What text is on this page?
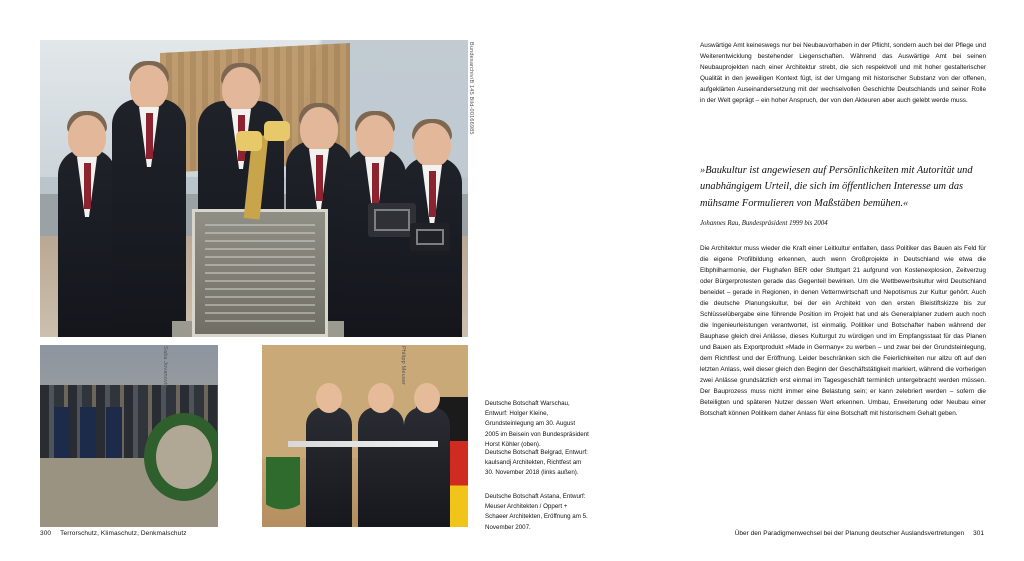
Bundesarchiv/B 145 Bild-00166985
Saša Jovanović	Philipp Meuser
Deutsche Botschaft Warschau, Entwurf: Holger Kleine, Grundsteinlegung am 30. August 2005 im Beisein von Bundespräsident Horst Köhler (oben).
Deutsche Botschaft Belgrad, Entwurf: kaulsandj Architekten, Richtfest am 30. November 2018 (links außen).
Deutsche Botschaft Astana, Entwurf: Meuser Architekten / Oppert + Schaeer Architekten, Eröffnung am 5. November 2007.
300 Terrorschutz, Klimaschutz, Denkmalschutz
Auswärtige Amt keineswegs nur bei Neubauvorhaben in der Pflicht, sondern auch bei der Pflege und Weiterentwicklung bestehender Liegenschaften. Während das Auswärtige Amt bei seinen Neubauprojekten nach einer Architektur strebt, die sich respektvoll und mit hoher gestalterischer Qualität in den jeweiligen Kontext fügt, ist der Umgang mit historischer Substanz von der offenen, aufgeklärten Auseinandersetzung mit der wechselvollen Geschichte Deutschlands und seiner Rolle in der Welt geprägt – ein hoher Anspruch, der von den Akteuren aber auch gelebt werde muss.
»Baukultur ist angewiesen auf Persönlichkeiten mit Autorität und unabhängigem Urteil, die sich im öffentlichen Interesse um das mühsame Formulieren von Maßstäben bemühen.«
Johannes Rau, Bundespräsident 1999 bis 2004
Die Architektur muss wieder die Kraft einer Leitkultur entfalten, dass Politiker das Bauen als Feld für die eigene Profilbildung erkennen, auch wenn Großprojekte in Deutschland wie etwa die Elbphilharmonie, der Flughafen BER oder Stuttgart 21 aufgrund von Kostenexplosion, Zeitverzug oder Bürgerprotesten gerade das Gegenteil bewirken. Um die Wettbewerbskultur wird Deutschland beneidet – gerade in Regionen, in denen Vetternwirtschaft und Nepotismus zur Kultur gehört. Auch die deutsche Planungskultur, bei der ein Architekt von den ersten Bleistiftskizze bis zur Schlüsselübergabe eine führende Position im Projekt hat und als Generalplaner zudem auch noch die Ingenieurleistungen verantwortet, ist einmalig. Politiker und Botschafter haben während der Bauphase gleich drei Anlässe, dieses Kulturgut zu würdigen und im Empfangsstaat für das Planen und Bauen als Exportprodukt »Made in Germany« zu werben – und zwar bei der Grundsteinlegung, dem Richtfest und der Eröffnung. Leider beschränken sich die Feierlichkeiten nur allzu oft auf den letzten Anlass, weil dieser gleich den Beginn der Geschäftstätigkeit markiert, während die vorherigen zwei Anlässe grundsätzlich erst einmal im Tagesgeschäft terminlich untergebracht werden müssen. Der Bauprozess muss nicht immer eine Belastung sein; er kann zelebriert werden – sofern die Beteiligten und späteren Nutzer dessen Wert erkennen. Umbau, Erweiterung oder Neubau einer Botschaft können Politikern daher Anlass für eine Botschaft mit historischem Gehalt geben.
Über den Paradigmenwechsel bei der Planung deutscher Auslandsvertretungen 301
